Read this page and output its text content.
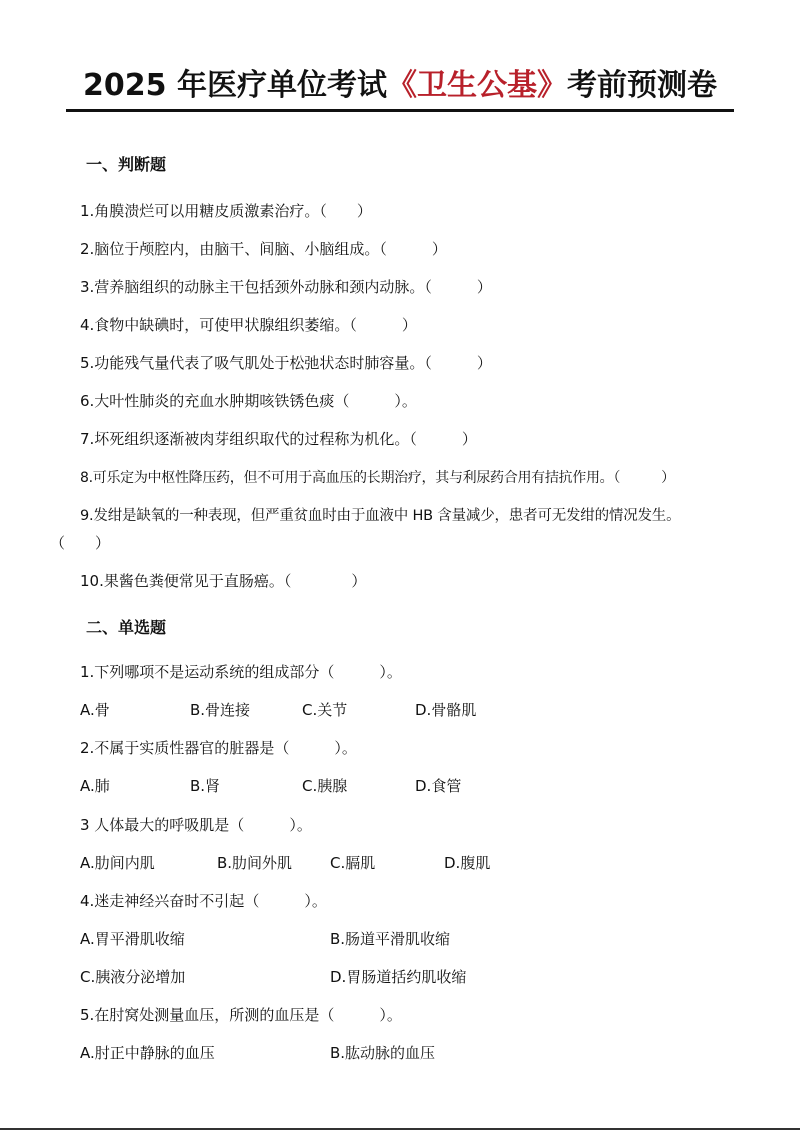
2025 年医疗单位考试《卫生公基》考前预测卷
一、判断题
1.角膜溃烂可以用糖皮质激素治疗。（　　）
2.脑位于颅腔内，由脑干、间脑、小脑组成。（　　　）
3.营养脑组织的动脉主干包括颈外动脉和颈内动脉。（　　　）
4.食物中缺碘时，可使甲状腺组织萎缩。（　　　）
5.功能残气量代表了吸气肌处于松弛状态时肺容量。（　　　）
6.大叶性肺炎的充血水肿期咳铁锈色痰（　　　）。
7.坏死组织逐渐被肉芽组织取代的过程称为机化。（　　　）
8.可乐定为中枢性降压药，但不可用于高血压的长期治疗，其与利尿药合用有拮抗作用。（　　　）
9.发绀是缺氧的一种表现，但严重贫血时由于血液中 HB 含量减少，患者可无发绀的情况发生。
（　　）
10.果酱色粪便常见于直肠癌。（　　　　）
二、单选题
1.下列哪项不是运动系统的组成部分（　　　）。
A.骨	B.骨连接	C.关节	D.骨骼肌
2.不属于实质性器官的脏器是（　　　）。
A.肺	B.肾	C.胰腺	D.食管
3 人体最大的呼吸肌是（　　　）。
A.肋间内肌	B.肋间外肌	C.膈肌	D.腹肌
4.迷走神经兴奋时不引起（　　　）。
A.胃平滑肌收缩	B.肠道平滑肌收缩
C.胰液分泌增加	D.胃肠道括约肌收缩
5.在肘窝处测量血压，所测的血压是（　　　）。
A.肘正中静脉的血压	B.肱动脉的血压
